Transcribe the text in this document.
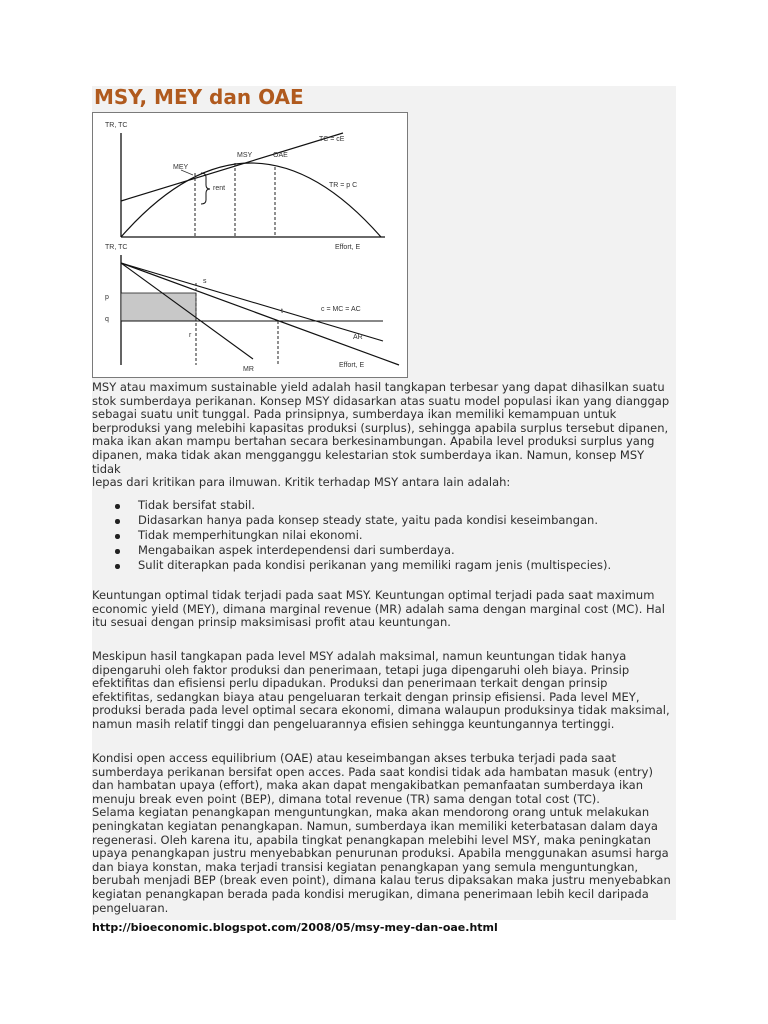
MSY, MEY dan OAE
TR, TC
TC = cE
TR = p C
MEY
MSY	OAE
rent
Effort, E
TR, TC
p
q
s
t
r
c = MC = AC
AR
MR
Effort, E

MSY atau maximum sustainable yield adalah hasil tangkapan terbesar yang dapat dihasilkan suatu
stok sumberdaya perikanan. Konsep MSY didasarkan atas suatu model populasi ikan yang dianggap
sebagai suatu unit tunggal. Pada prinsipnya, sumberdaya ikan memiliki kemampuan untuk
berproduksi yang melebihi kapasitas produksi (surplus), sehingga apabila surplus tersebut dipanen,
maka ikan akan mampu bertahan secara berkesinambungan. Apabila level produksi surplus yang
dipanen, maka tidak akan mengganggu kelestarian stok sumberdaya ikan. Namun, konsep MSY tidak
lepas dari kritikan para ilmuwan. Kritik terhadap MSY antara lain adalah:

Tidak bersifat stabil.
Didasarkan hanya pada konsep steady state, yaitu pada kondisi keseimbangan.
Tidak memperhitungkan nilai ekonomi.
Mengabaikan aspek interdependensi dari sumberdaya.
Sulit diterapkan pada kondisi perikanan yang memiliki ragam jenis (multispecies).

Keuntungan optimal tidak terjadi pada saat MSY. Keuntungan optimal terjadi pada saat maximum
economic yield (MEY), dimana marginal revenue (MR) adalah sama dengan marginal cost (MC). Hal
itu sesuai dengan prinsip maksimisasi profit atau keuntungan.

Meskipun hasil tangkapan pada level MSY adalah maksimal, namun keuntungan tidak hanya
dipengaruhi oleh faktor produksi dan penerimaan, tetapi juga dipengaruhi oleh biaya. Prinsip
efektifitas dan efisiensi perlu dipadukan. Produksi dan penerimaan terkait dengan prinsip
efektifitas, sedangkan biaya atau pengeluaran terkait dengan prinsip efisiensi. Pada level MEY,
produksi berada pada level optimal secara ekonomi, dimana walaupun produksinya tidak maksimal,
namun masih relatif tinggi dan pengeluarannya efisien sehingga keuntungannya tertinggi.

Kondisi open access equilibrium (OAE) atau keseimbangan akses terbuka terjadi pada saat
sumberdaya perikanan bersifat open acces. Pada saat kondisi tidak ada hambatan masuk (entry)
dan hambatan upaya (effort), maka akan dapat mengakibatkan pemanfaatan sumberdaya ikan
menuju break even point (BEP), dimana total revenue (TR) sama dengan total cost (TC).
Selama kegiatan penangkapan menguntungkan, maka akan mendorong orang untuk melakukan
peningkatan kegiatan penangkapan. Namun, sumberdaya ikan memiliki keterbatasan dalam daya
regenerasi. Oleh karena itu, apabila tingkat penangkapan melebihi level MSY, maka peningkatan
upaya penangkapan justru menyebabkan penurunan produksi. Apabila menggunakan asumsi harga
dan biaya konstan, maka terjadi transisi kegiatan penangkapan yang semula menguntungkan,
berubah menjadi BEP (break even point), dimana kalau terus dipaksakan maka justru menyebabkan
kegiatan penangkapan berada pada kondisi merugikan, dimana penerimaan lebih kecil daripada
pengeluaran.

http://bioeconomic.blogspot.com/2008/05/msy-mey-dan-oae.html
